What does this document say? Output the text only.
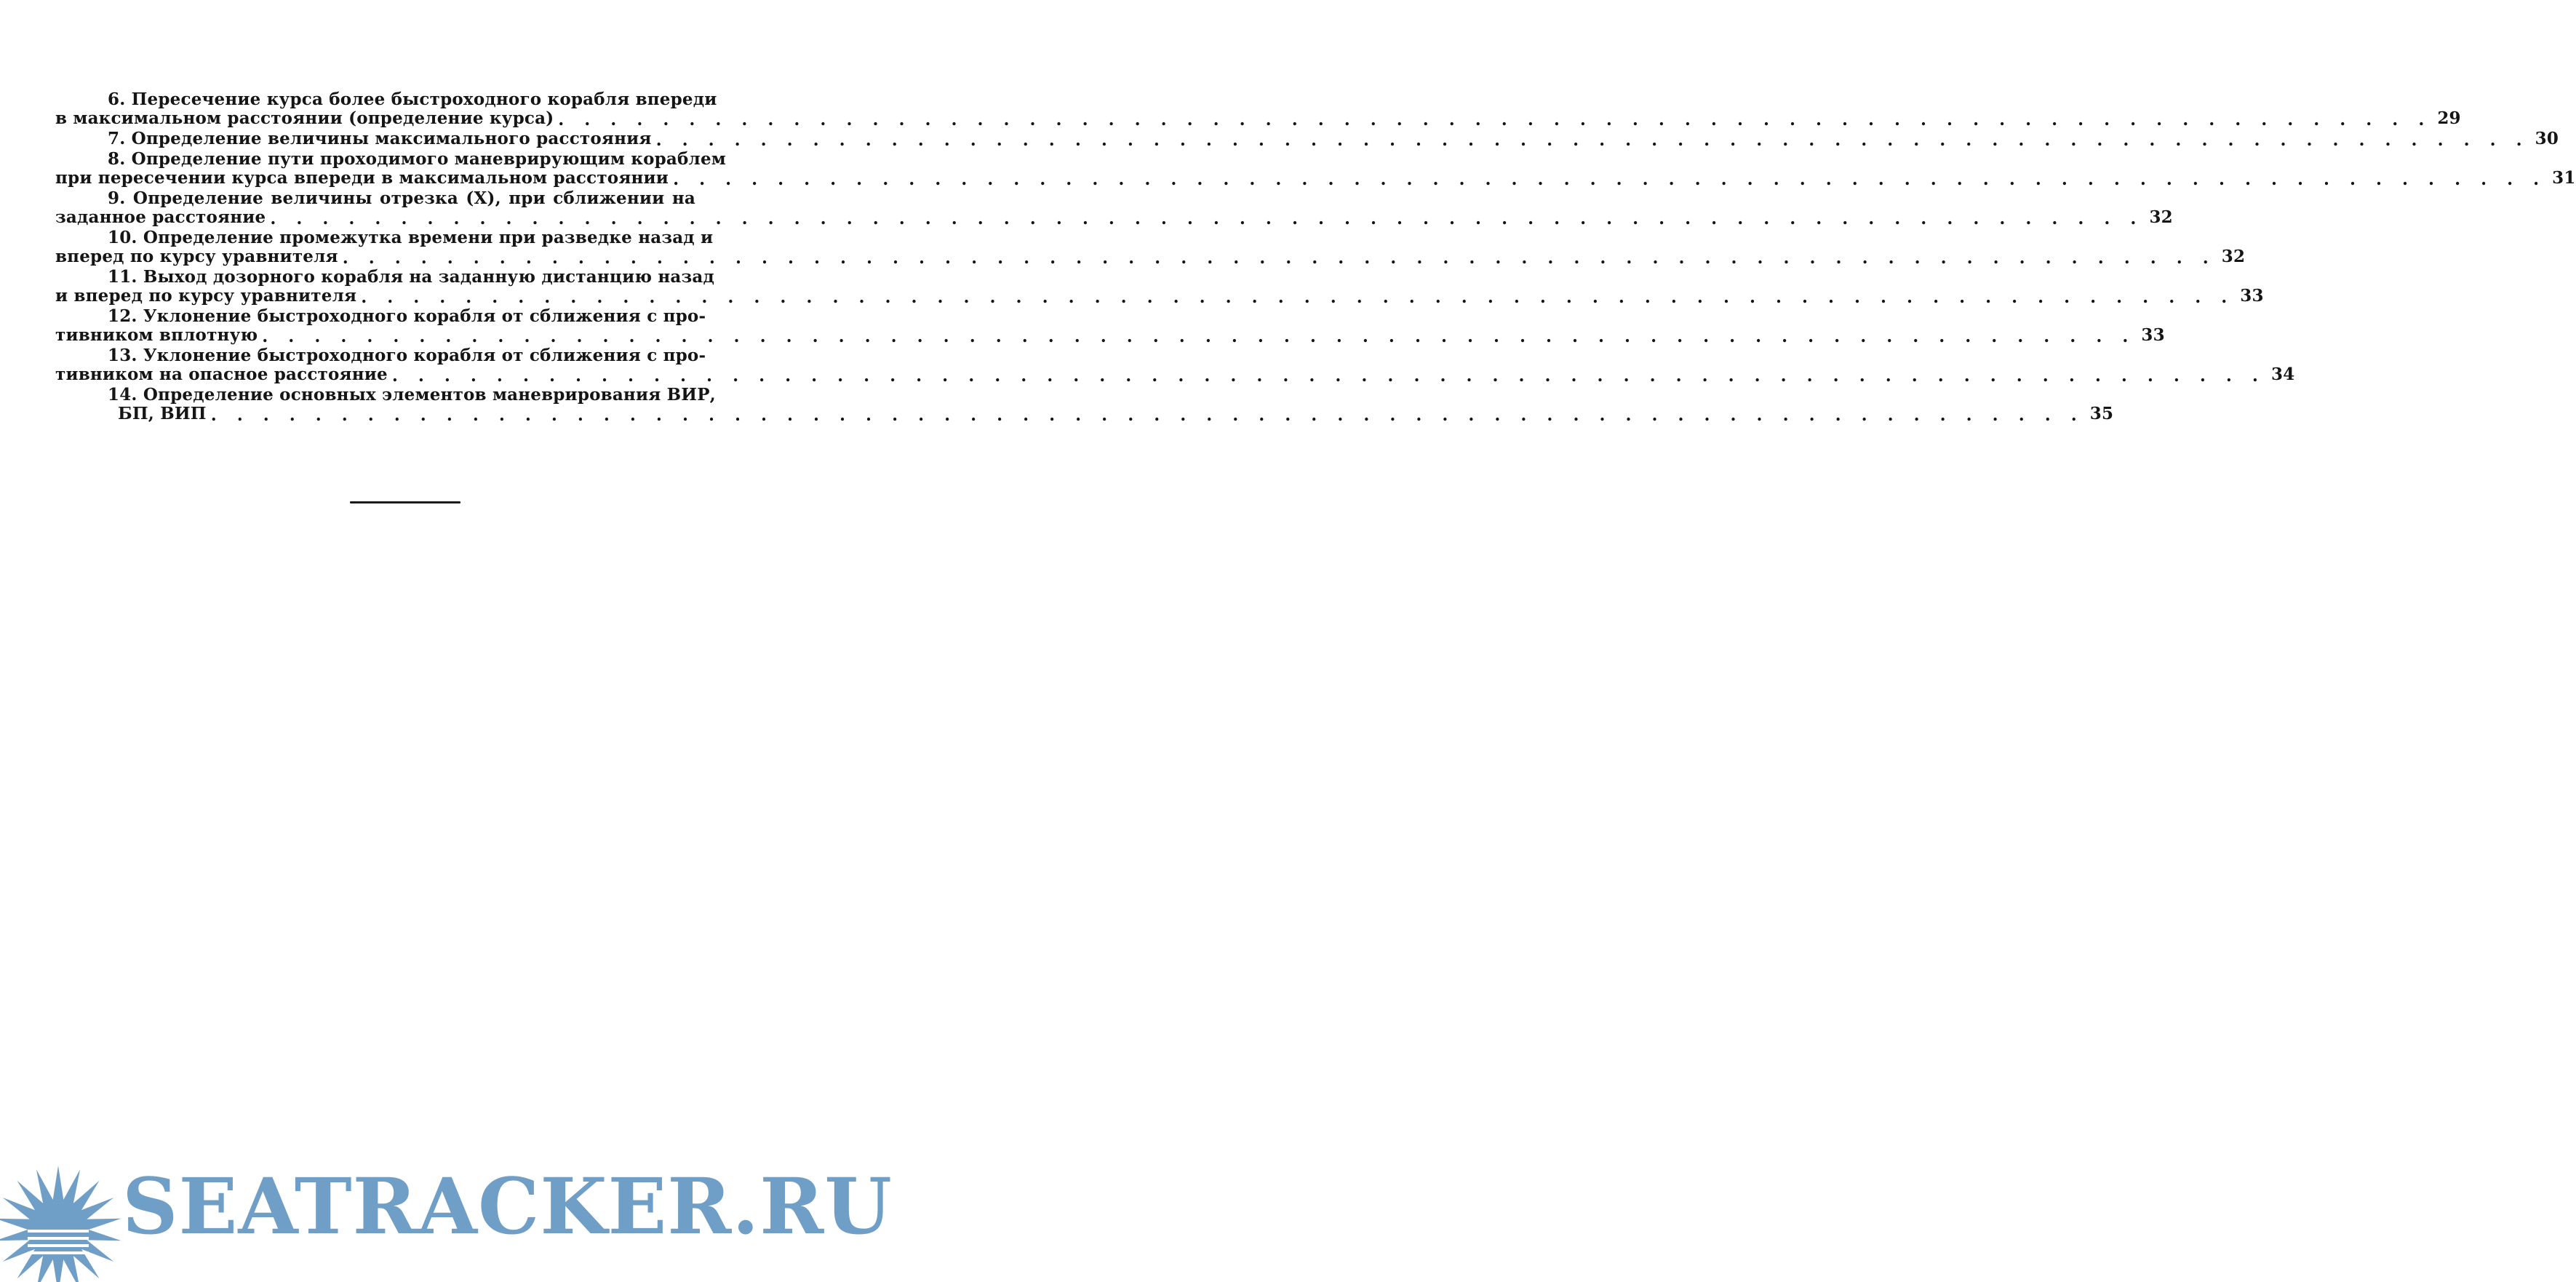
6. Пересечение курса более быстроходного корабля впереди
в максимальном расстоянии (определение курса) . . .	29
7. Определение величины максимального расстояния . . .	30
8. Определение пути проходимого маневрирующим кораблем
при пересечении курса впереди в максимальном расстоянии . . .	31
9. Определение величины отрезка (X), при сближении на
заданное расстояние . . .	32
10. Определение промежутка времени при разведке назад и
вперед по курсу уравнителя . . .	32
11. Выход дозорного корабля на заданную дистанцию назад
и вперед по курсу уравнителя . . .	33
12. Уклонение быстроходного корабля от сближения с про-
тивником вплотную . . .	33
13. Уклонение быстроходного корабля от сближения с про-
тивником на опасное расстояние . . .	34
14. Определение основных элементов маневрирования ВИР,
БП, ВИП . . .	35
SEATRACKER.RU
